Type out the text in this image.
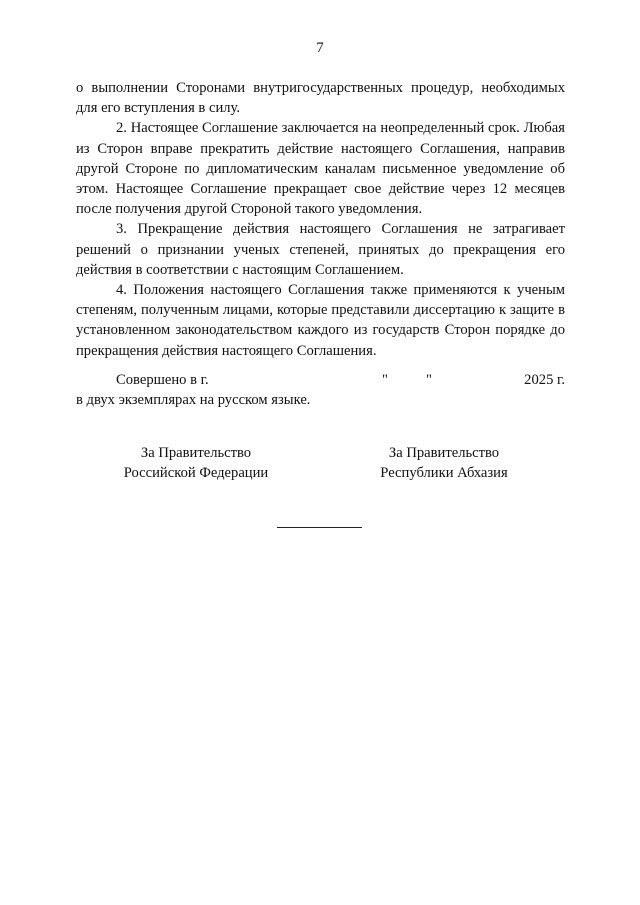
7

о выполнении Сторонами внутригосударственных процедур, необходимых для его вступления в силу.

2. Настоящее Соглашение заключается на неопределенный срок. Любая из Сторон вправе прекратить действие настоящего Соглашения, направив другой Стороне по дипломатическим каналам письменное уведомление об этом. Настоящее Соглашение прекращает свое действие через 12 месяцев после получения другой Стороной такого уведомления.

3. Прекращение действия настоящего Соглашения не затрагивает решений о признании ученых степеней, принятых до прекращения его действия в соответствии с настоящим Соглашением.

4. Положения настоящего Соглашения также применяются к ученым степеням, полученным лицами, которые представили диссертацию к защите в установленном законодательством каждого из государств Сторон порядке до прекращения действия настоящего Соглашения.

Совершено в г.	"	"	2025 г.
в двух экземплярах на русском языке.
За Правительство
Российской Федерации
За Правительство
Республики Абхазия
